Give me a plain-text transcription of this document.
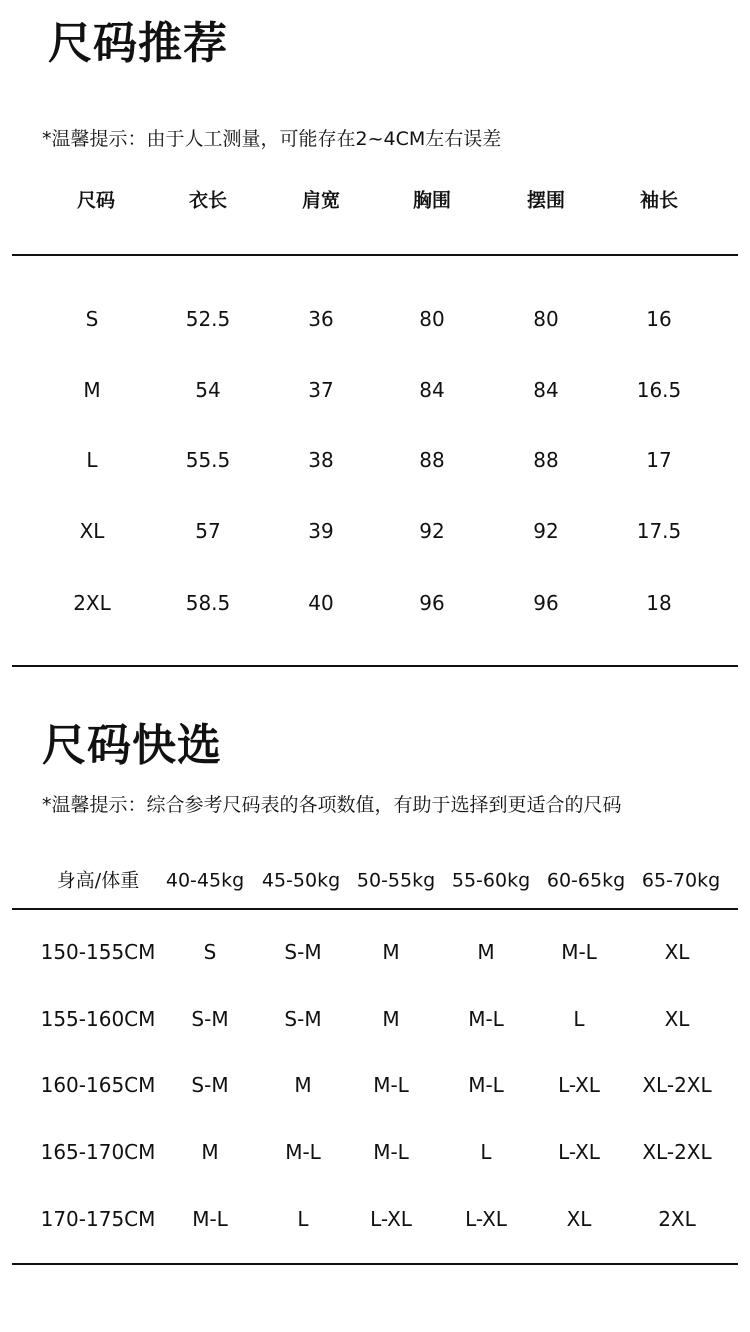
尺码推荐
*温馨提示：由于人工测量，可能存在2~4CM左右误差
尺码	衣长	肩宽	胸围	摆围	袖长
S	52.5	36	80	80	16
M	54	37	84	84	16.5
L	55.5	38	88	88	17
XL	57	39	92	92	17.5
2XL	58.5	40	96	96	18
尺码快选
*温馨提示：综合参考尺码表的各项数值，有助于选择到更适合的尺码
身高/体重 40-45kg 45-50kg 50-55kg 55-60kg 60-65kg 65-70kg
150-155CM S	S-M	M	M	M-L	XL
155-160CM S-M	S-M	M	M-L	L	XL
160-165CM S-M	M	M-L	M-L	L-XL XL-2XL
165-170CM M	M-L	M-L	L	L-XL XL-2XL
170-175CM M-L	L	L-XL	L-XL	XL	2XL
